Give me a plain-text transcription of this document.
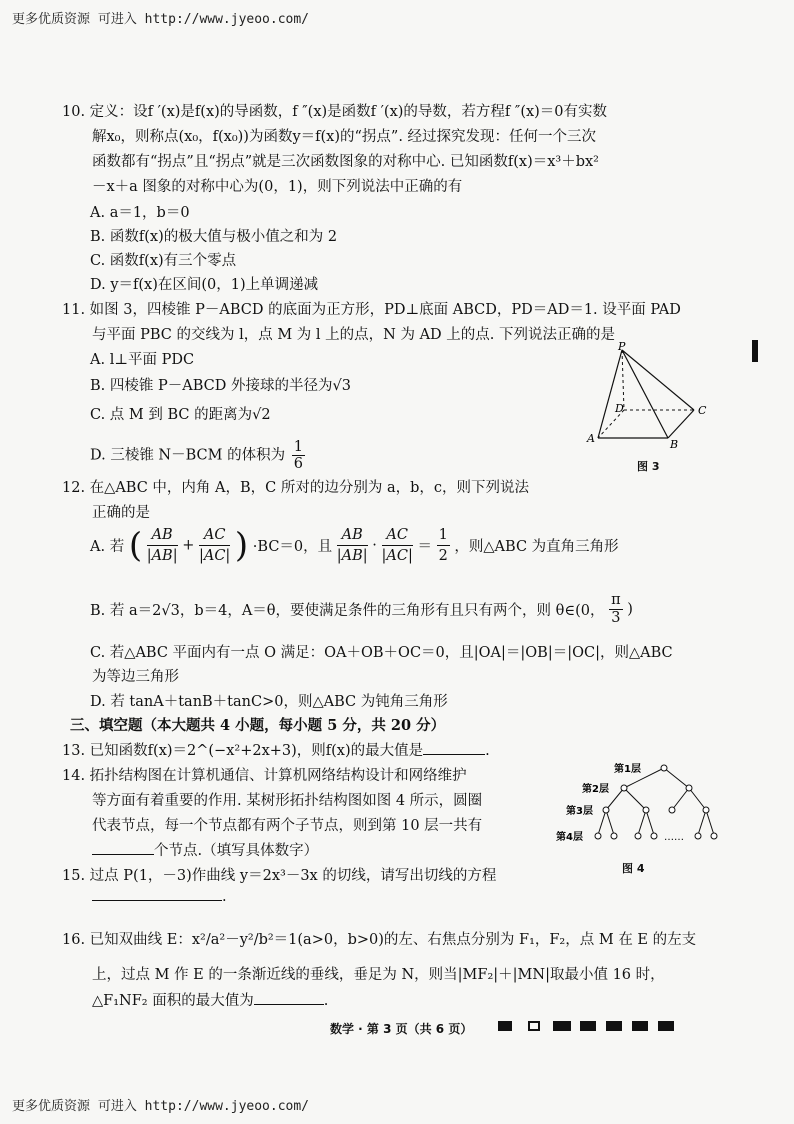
更多优质资源 可进入 http://www.jyeoo.com/
10. 定义：设f ′(x)是f(x)的导函数，f ″(x)是函数f ′(x)的导数，若方程f ″(x)＝0有实数
解x₀，则称点(x₀，f(x₀))为函数y＝f(x)的“拐点”. 经过探究发现：任何一个三次
函数都有“拐点”且“拐点”就是三次函数图象的对称中心. 已知函数f(x)＝x³＋bx²
－x＋a 图象的对称中心为(0，1)，则下列说法中正确的有
A. a＝1，b＝0
B. 函数f(x)的极大值与极小值之和为 2
C. 函数f(x)有三个零点
D. y＝f(x)在区间(0，1)上单调递减
11. 如图 3，四棱锥 P－ABCD 的底面为正方形，PD⊥底面 ABCD，PD＝AD＝1. 设平面 PAD
与平面 PBC 的交线为 l，点 M 为 l 上的点，N 为 AD 上的点. 下列说法正确的是
A. l⊥平面 PDC
B. 四棱锥 P－ABCD 外接球的半径为√3
C. 点 M 到 BC 的距离为√2
D. 三棱锥 N－BCM 的体积为 $\frac{1}{6}$
P
D	C
A	B
图 3
12. 在△ABC 中，内角 A，B，C 所对的边分别为 a，b，c，则下列说法
正确的是
A. 若 ( $\frac{AB}{|AB|} + \frac{AC}{|AC|}$ ) ·BC＝0，且 $\frac{AB}{|AB|} \cdot \frac{AC}{|AC|} = \frac{1}{2}$ ，则△ABC 为直角三角形
B. 若 a＝2√3，b＝4，A＝θ，要使满足条件的三角形有且只有两个，则 θ∈(0， $\frac{\pi}{3}$ )
C. 若△ABC 平面内有一点 O 满足：OA＋OB＋OC＝0，且|OA|＝|OB|＝|OC|，则△ABC
为等边三角形
D. 若 tanA＋tanB＋tanC>0，则△ABC 为钝角三角形
三、填空题（本大题共 4 小题，每小题 5 分，共 20 分）
13. 已知函数f(x)＝2^(−x²+2x+3)，则f(x)的最大值是	.
14. 拓扑结构图在计算机通信、计算机网络结构设计和网络维护
等方面有着重要的作用. 某树形拓扑结构图如图 4 所示，圆圈
代表节点，每一个节点都有两个子节点，则到第 10 层一共有
个节点.（填写具体数字）
第1层
第2层
第3层
第4层	……
图 4
15. 过点 P(1，－3)作曲线 y＝2x³－3x 的切线，请写出切线的方程
.
16. 已知双曲线 E：x²/a²－y²/b²＝1(a>0，b>0)的左、右焦点分别为 F₁，F₂，点 M 在 E 的左支
上，过点 M 作 E 的一条渐近线的垂线，垂足为 N，则当|MF₂|＋|MN|取最小值 16 时，
△F₁NF₂ 面积的最大值为	.
数学 · 第 3 页（共 6 页）
更多优质资源 可进入 http://www.jyeoo.com/
